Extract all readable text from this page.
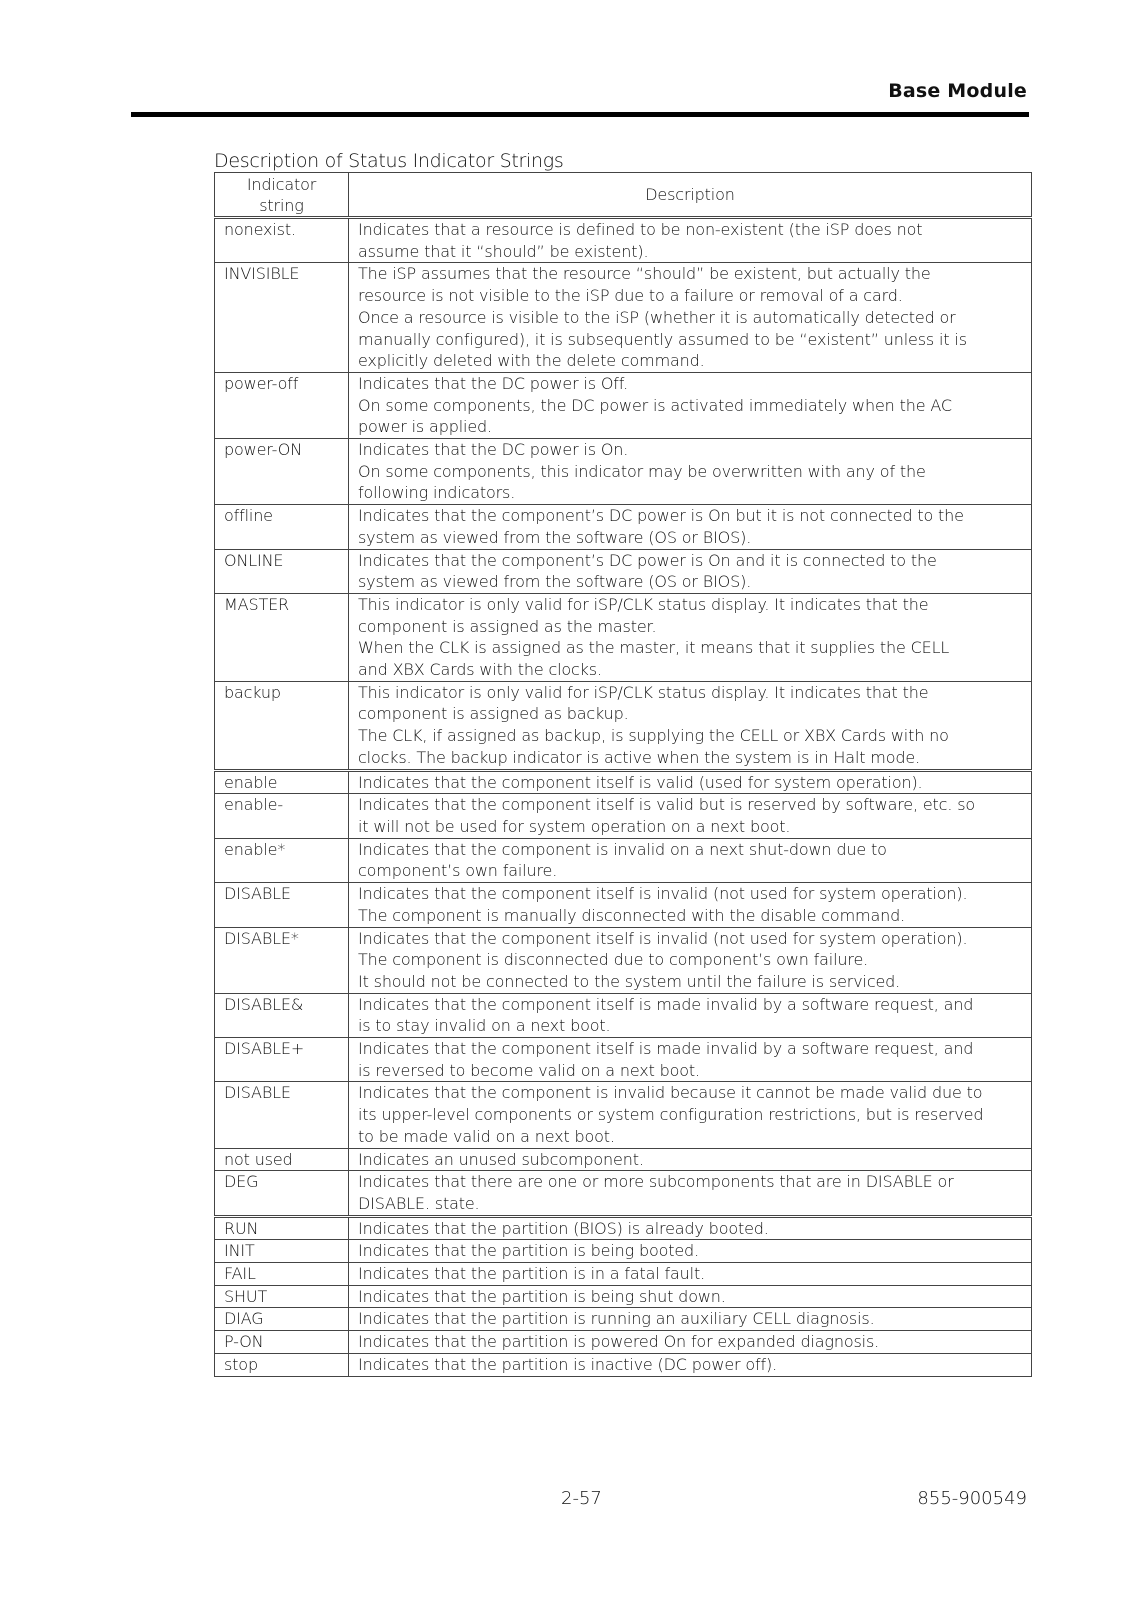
Base Module
Description of Status Indicator Strings
Indicator
string	Description
nonexist.	Indicates that a resource is defined to be non-existent (the iSP does not
assume that it “should” be existent).

INVISIBLE	The iSP assumes that the resource “should” be existent, but actually the
resource is not visible to the iSP due to a failure or removal of a card.
Once a resource is visible to the iSP (whether it is automatically detected or
manually configured), it is subsequently assumed to be “existent” unless it is
explicitly deleted with the delete command.

power-off	Indicates that the DC power is Off.
On some components, the DC power is activated immediately when the AC
power is applied.

power-ON	Indicates that the DC power is On.
On some components, this indicator may be overwritten with any of the
following indicators.

offline	Indicates that the component’s DC power is On but it is not connected to the
system as viewed from the software (OS or BIOS).

ONLINE	Indicates that the component’s DC power is On and it is connected to the
system as viewed from the software (OS or BIOS).

MASTER	This indicator is only valid for iSP/CLK status display. It indicates that the
component is assigned as the master.
When the CLK is assigned as the master, it means that it supplies the CELL
and XBX Cards with the clocks.

backup	This indicator is only valid for iSP/CLK status display. It indicates that the
component is assigned as backup.
The CLK, if assigned as backup, is supplying the CELL or XBX Cards with no
clocks. The backup indicator is active when the system is in Halt mode.

enable	Indicates that the component itself is valid (used for system operation).

enable-	Indicates that the component itself is valid but is reserved by software, etc. so
it will not be used for system operation on a next boot.

enable*	Indicates that the component is invalid on a next shut-down due to
component’s own failure.

DISABLE	Indicates that the component itself is invalid (not used for system operation).
The component is manually disconnected with the disable command.

DISABLE*	Indicates that the component itself is invalid (not used for system operation).
The component is disconnected due to component’s own failure.
It should not be connected to the system until the failure is serviced.

DISABLE&	Indicates that the component itself is made invalid by a software request, and
is to stay invalid on a next boot.

DISABLE+	Indicates that the component itself is made invalid by a software request, and
is reversed to become valid on a next boot.

DISABLE	Indicates that the component is invalid because it cannot be made valid due to
its upper-level components or system configuration restrictions, but is reserved
to be made valid on a next boot.

not used	Indicates an unused subcomponent.

DEG	Indicates that there are one or more subcomponents that are in DISABLE or
DISABLE. state.

RUN	Indicates that the partition (BIOS) is already booted.

INIT	Indicates that the partition is being booted.

FAIL	Indicates that the partition is in a fatal fault.

SHUT	Indicates that the partition is being shut down.

DIAG	Indicates that the partition is running an auxiliary CELL diagnosis.

P-ON	Indicates that the partition is powered On for expanded diagnosis.

stop	Indicates that the partition is inactive (DC power off).
2-57	855-900549
